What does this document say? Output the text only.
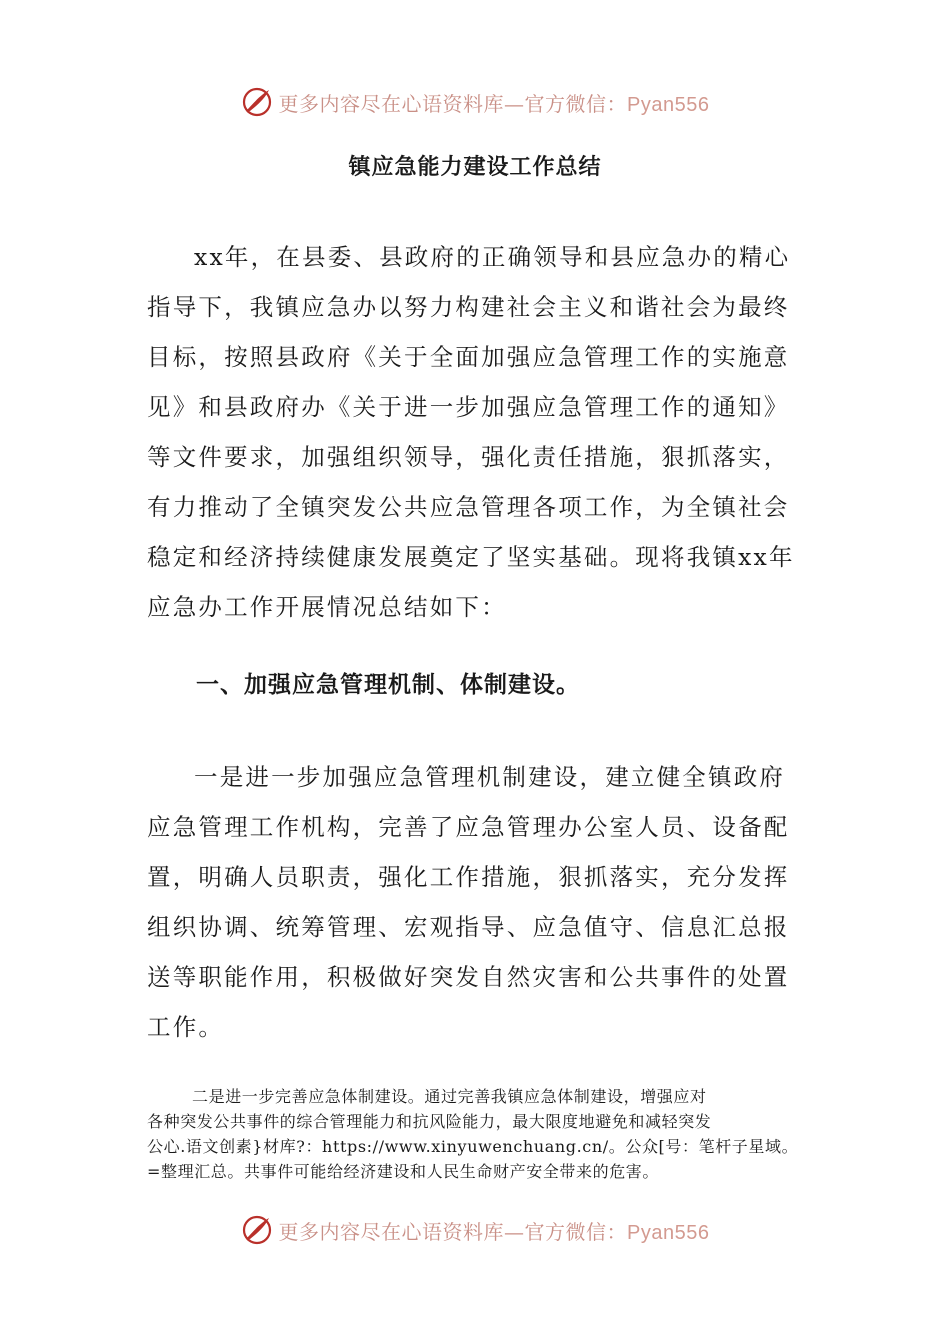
更多内容尽在心语资料库—官方微信：Pyan556
镇应急能力建设工作总结

xx年，在县委、县政府的正确领导和县应急办的精心指导下，我镇应急办以努力构建社会主义和谐社会为最终目标，按照县政府《关于全面加强应急管理工作的实施意见》和县政府办《关于进一步加强应急管理工作的通知》等文件要求，加强组织领导，强化责任措施，狠抓落实，有力推动了全镇突发公共应急管理各项工作，为全镇社会稳定和经济持续健康发展奠定了坚实基础。现将我镇xx年应急办工作开展情况总结如下：

一、加强应急管理机制、体制建设。

一是进一步加强应急管理机制建设，建立健全镇政府应急管理工作机构，完善了应急管理办公室人员、设备配置，明确人员职责，强化工作措施，狠抓落实，充分发挥组织协调、统筹管理、宏观指导、应急值守、信息汇总报送等职能作用，积极做好突发自然灾害和公共事件的处置工作。

二是进一步完善应急体制建设。通过完善我镇应急体制建设，增强应对
各种突发公共事件的综合管理能力和抗风险能力，最大限度地避免和减轻突发
公心.语文创素}材库?：https://www.xinyuwenchuang.cn/。公众[号：笔杆子星域。
=整理汇总。共事件可能给经济建设和人民生命财产安全带来的危害。
更多内容尽在心语资料库—官方微信：Pyan556
